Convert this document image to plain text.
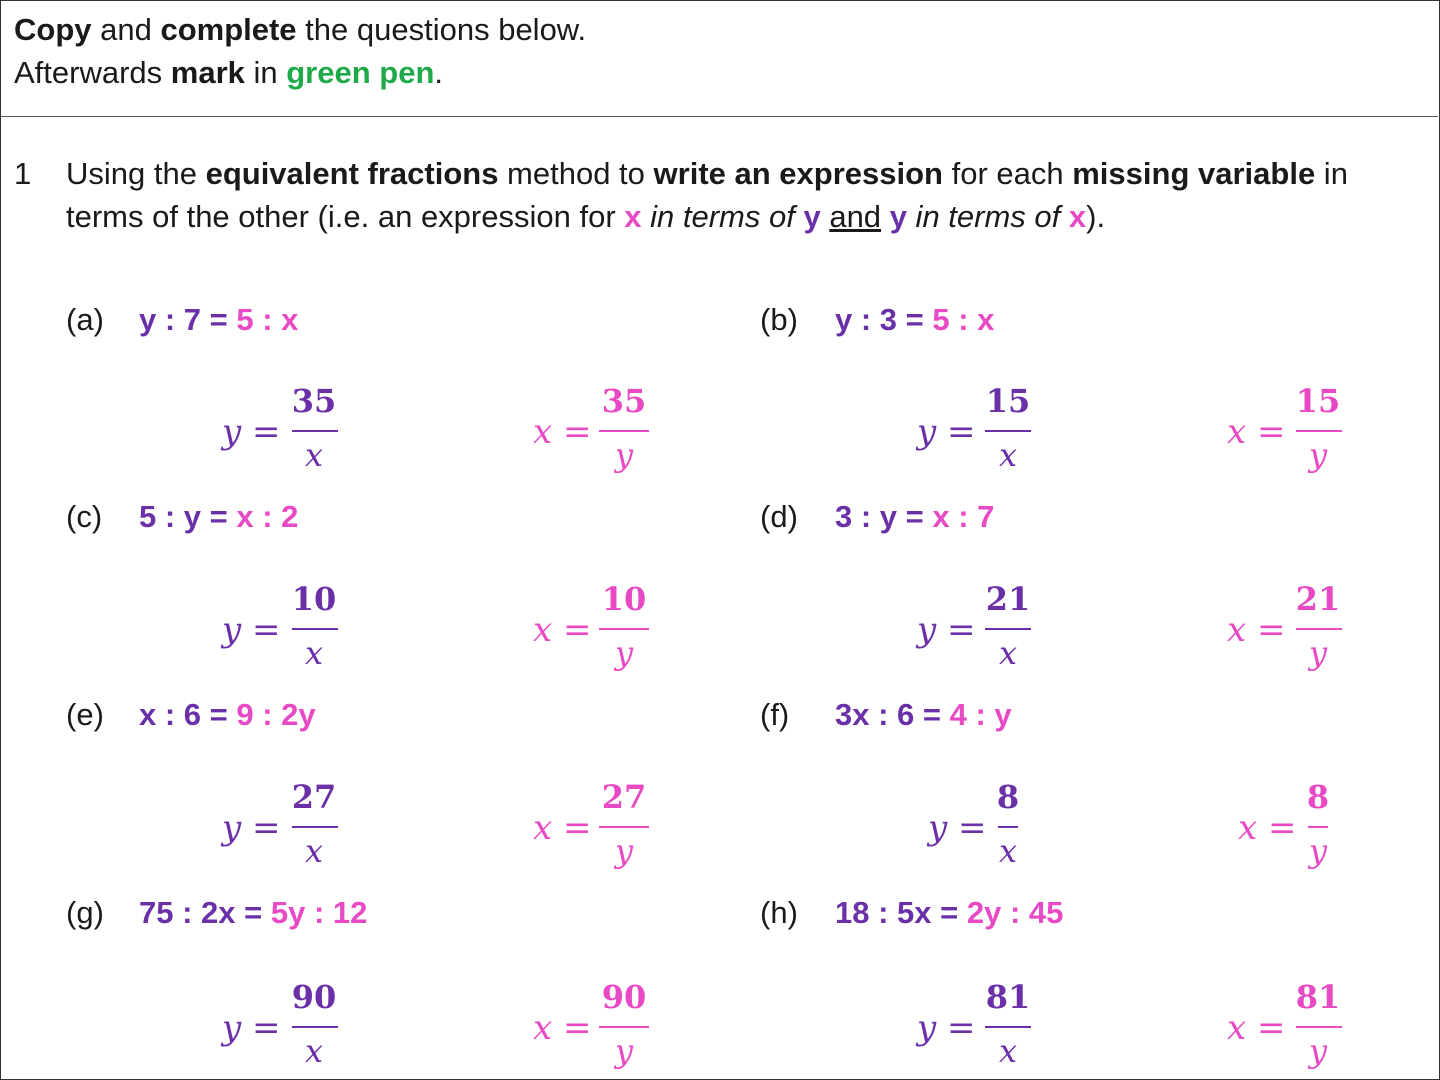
Copy and complete the questions below.
Afterwards mark in green pen.
1 Using the equivalent fractions method to write an expression for each missing variable in
terms of the other (i.e. an expression for x in terms of y and y in terms of x).
(a) y : 7 = 5 : x
y =
35
x
x =
35
y
(b) y : 3 = 5 : x
y =
15
x
x =
15
y
(c) 5 : y = x : 2
y =
10
x
x =
10
y
(d) 3 : y = x : 7
y =
21
x
x =
21
y
(e) x : 6 = 9 : 2y
y =
27
x
x =
27
y
(f) 3x : 6 = 4 : y
y =
8
x
x =
8
y
(g) 75 : 2x = 5y : 12
y =
90
x
x =
90
y
(h) 18 : 5x = 2y : 45
y =
81
x
x =
81
y
